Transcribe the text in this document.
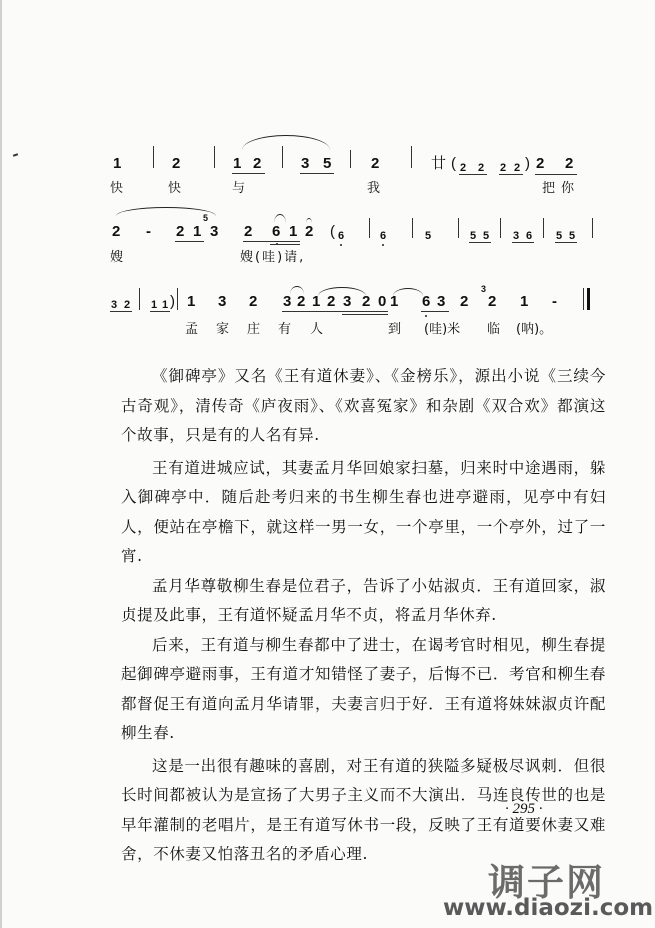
1	2	1 2	3 5	2	廿 ( 2 2 2 2 ) 2 2
快	快	与	我	把你
2 - 2 1
5
3 2 6 1 2 ( 6	6	5	5 5 3 6 5 5
嫂	嫂(哇)请,
3 2 1 1 ) 1 3 2 3 2 1 2 3 2 0 1 6 3 2
3
2 1 -
孟 家 庄 有 人	到 (哇)米 临 (呐)。

《御碑亭》又名《王有道休妻》、《金榜乐》，源出小说《三续今古奇观》，清传奇《庐夜雨》、《欢喜冤家》和杂剧《双合欢》都演这个故事，只是有的人名有异.

王有道进城应试，其妻孟月华回娘家扫墓，归来时中途遇雨，躲入御碑亭中．随后赴考归来的书生柳生春也进亭避雨，见亭中有妇人，便站在亭檐下，就这样一男一女，一个亭里，一个亭外，过了一宵.

孟月华尊敬柳生春是位君子，告诉了小姑淑贞．王有道回家，淑贞提及此事，王有道怀疑孟月华不贞，将孟月华休弃.

后来，王有道与柳生春都中了进士，在谒考官时相见，柳生春提起御碑亭避雨事，王有道才知错怪了妻子，后悔不已．考官和柳生春都督促王有道向孟月华请罪，夫妻言归于好．王有道将妹妹淑贞许配柳生春.

这是一出很有趣味的喜剧，对王有道的狭隘多疑极尽讽刺．但很长时间都被认为是宣扬了大男子主义而不大演出．马连良传世的也是早年灌制的老唱片，是王有道写休书一段，反映了王有道要休妻又难舍，不休妻又怕落丑名的矛盾心理.

· 295 ·
调子网
www.diaozi.com
